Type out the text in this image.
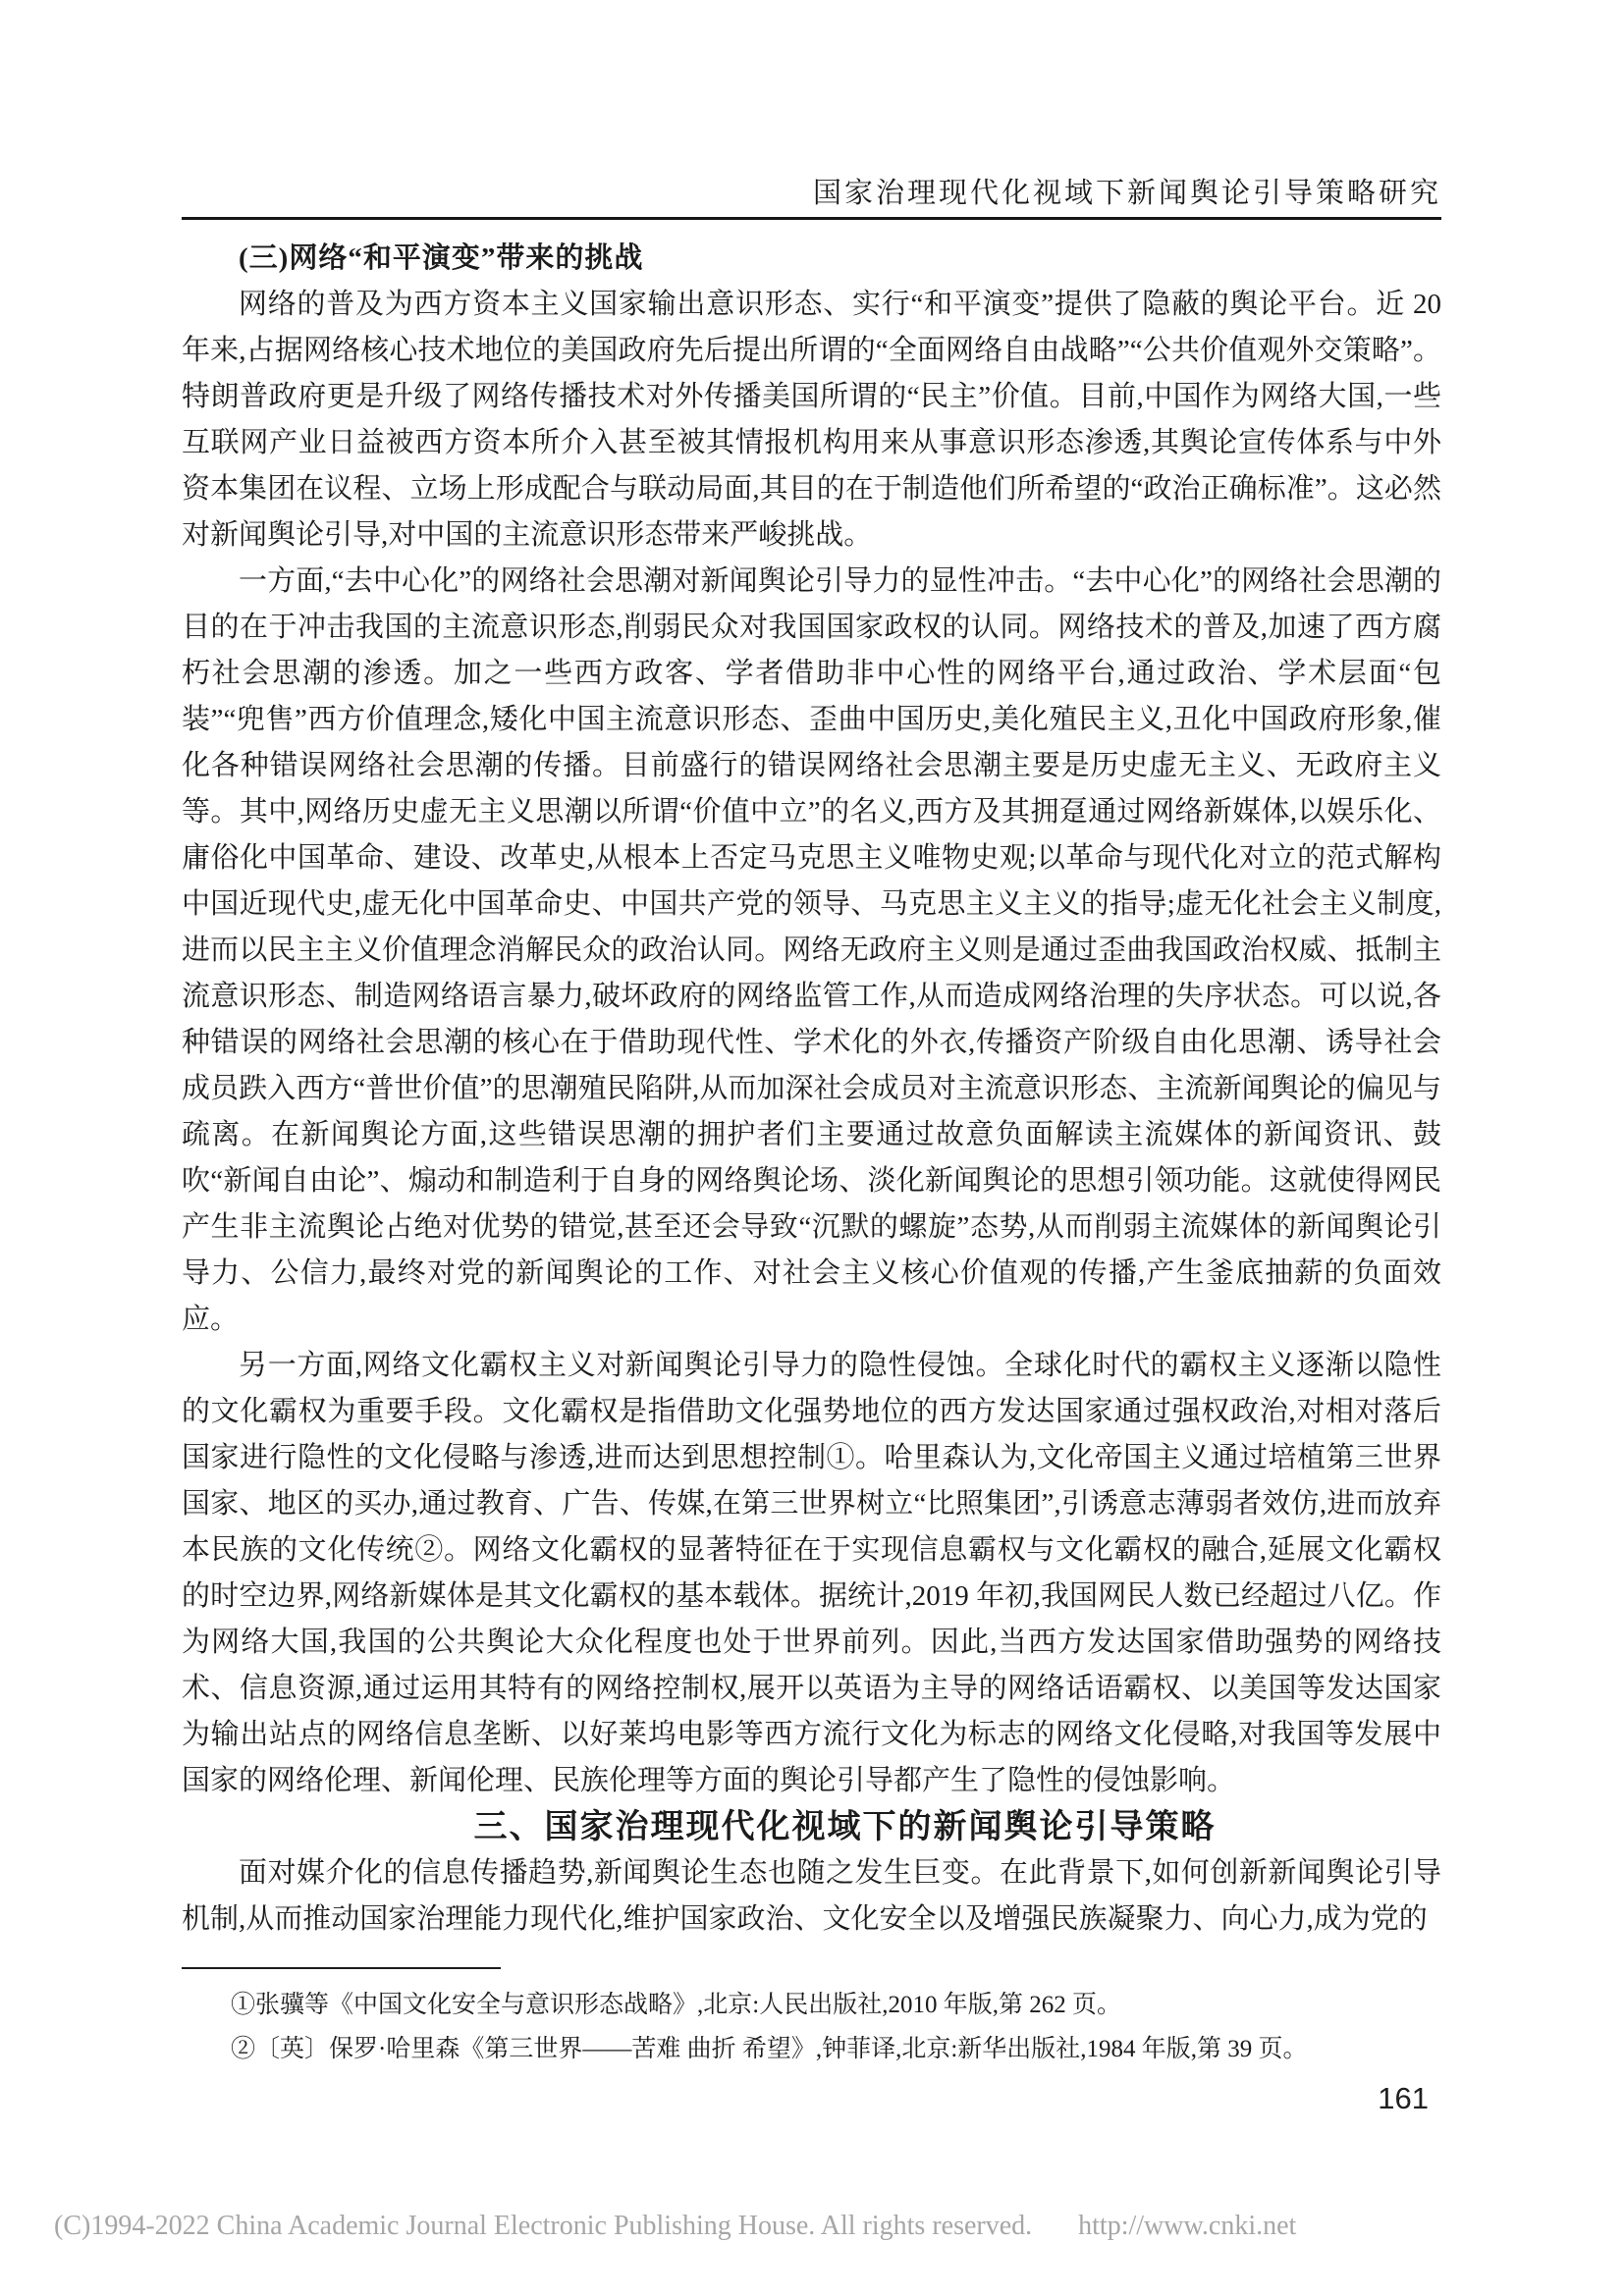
国家治理现代化视域下新闻舆论引导策略研究

(三)网络“和平演变”带来的挑战

网络的普及为西方资本主义国家输出意识形态、实行“和平演变”提供了隐蔽的舆论平台。近 20 年来,占据网络核心技术地位的美国政府先后提出所谓的“全面网络自由战略”“公共价值观外交策略”。特朗普政府更是升级了网络传播技术对外传播美国所谓的“民主”价值。目前,中国作为网络大国,一些互联网产业日益被西方资本所介入甚至被其情报机构用来从事意识形态渗透,其舆论宣传体系与中外资本集团在议程、立场上形成配合与联动局面,其目的在于制造他们所希望的“政治正确标准”。这必然对新闻舆论引导,对中国的主流意识形态带来严峻挑战。

一方面,“去中心化”的网络社会思潮对新闻舆论引导力的显性冲击。“去中心化”的网络社会思潮的目的在于冲击我国的主流意识形态,削弱民众对我国国家政权的认同。网络技术的普及,加速了西方腐朽社会思潮的渗透。加之一些西方政客、学者借助非中心性的网络平台,通过政治、学术层面“包装”“兜售”西方价值理念,矮化中国主流意识形态、歪曲中国历史,美化殖民主义,丑化中国政府形象,催化各种错误网络社会思潮的传播。目前盛行的错误网络社会思潮主要是历史虚无主义、无政府主义等。其中,网络历史虚无主义思潮以所谓“价值中立”的名义,西方及其拥趸通过网络新媒体,以娱乐化、庸俗化中国革命、建设、改革史,从根本上否定马克思主义唯物史观;以革命与现代化对立的范式解构中国近现代史,虚无化中国革命史、中国共产党的领导、马克思主义主义的指导;虚无化社会主义制度,进而以民主主义价值理念消解民众的政治认同。网络无政府主义则是通过歪曲我国政治权威、抵制主流意识形态、制造网络语言暴力,破坏政府的网络监管工作,从而造成网络治理的失序状态。可以说,各种错误的网络社会思潮的核心在于借助现代性、学术化的外衣,传播资产阶级自由化思潮、诱导社会成员跌入西方“普世价值”的思潮殖民陷阱,从而加深社会成员对主流意识形态、主流新闻舆论的偏见与疏离。在新闻舆论方面,这些错误思潮的拥护者们主要通过故意负面解读主流媒体的新闻资讯、鼓吹“新闻自由论”、煽动和制造利于自身的网络舆论场、淡化新闻舆论的思想引领功能。这就使得网民产生非主流舆论占绝对优势的错觉,甚至还会导致“沉默的螺旋”态势,从而削弱主流媒体的新闻舆论引导力、公信力,最终对党的新闻舆论的工作、对社会主义核心价值观的传播,产生釜底抽薪的负面效应。

另一方面,网络文化霸权主义对新闻舆论引导力的隐性侵蚀。全球化时代的霸权主义逐渐以隐性的文化霸权为重要手段。文化霸权是指借助文化强势地位的西方发达国家通过强权政治,对相对落后国家进行隐性的文化侵略与渗透,进而达到思想控制①。哈里森认为,文化帝国主义通过培植第三世界国家、地区的买办,通过教育、广告、传媒,在第三世界树立“比照集团”,引诱意志薄弱者效仿,进而放弃本民族的文化传统②。网络文化霸权的显著特征在于实现信息霸权与文化霸权的融合,延展文化霸权的时空边界,网络新媒体是其文化霸权的基本载体。据统计,2019 年初,我国网民人数已经超过八亿。作为网络大国,我国的公共舆论大众化程度也处于世界前列。因此,当西方发达国家借助强势的网络技术、信息资源,通过运用其特有的网络控制权,展开以英语为主导的网络话语霸权、以美国等发达国家为输出站点的网络信息垄断、以好莱坞电影等西方流行文化为标志的网络文化侵略,对我国等发展中国家的网络伦理、新闻伦理、民族伦理等方面的舆论引导都产生了隐性的侵蚀影响。

三、国家治理现代化视域下的新闻舆论引导策略

面对媒介化的信息传播趋势,新闻舆论生态也随之发生巨变。在此背景下,如何创新新闻舆论引导机制,从而推动国家治理能力现代化,维护国家政治、文化安全以及增强民族凝聚力、向心力,成为党的

①张骥等《中国文化安全与意识形态战略》,北京:人民出版社,2010 年版,第 262 页。

②〔英〕保罗·哈里森《第三世界——苦难 曲折 希望》,钟菲译,北京:新华出版社,1984 年版,第 39 页。

161
(C)1994-2022 China Academic Journal Electronic Publishing House. All rights reserved. http://www.cnki.net
